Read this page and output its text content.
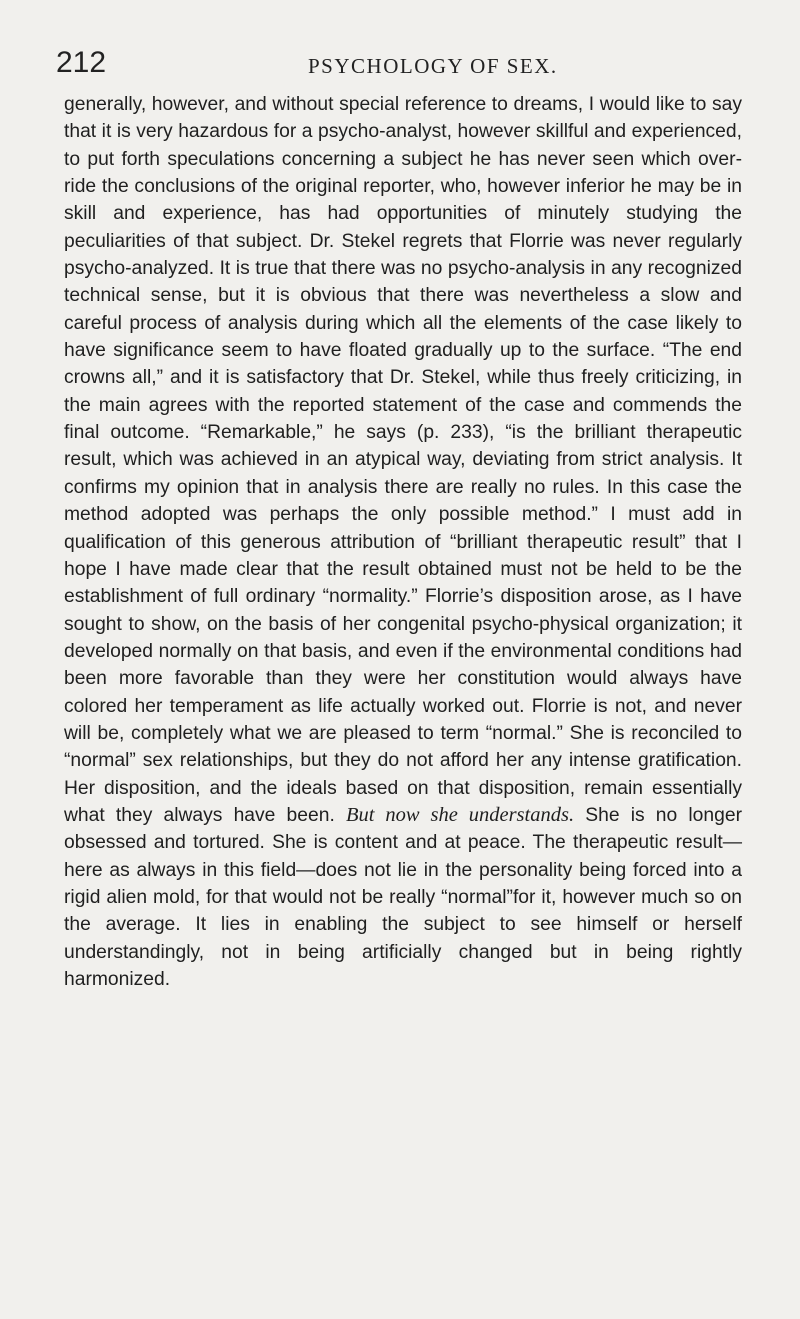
212	PSYCHOLOGY OF SEX.

generally, however, and without special reference to dreams, I would like to say that it is very hazardous for a psycho-analyst, however skillful and experienced, to put forth speculations concerning a subject he has never seen which over-ride the conclusions of the original reporter, who, however inferior he may be in skill and experience, has had opportunities of minutely studying the peculiarities of that subject. Dr. Stekel regrets that Florrie was never regularly psycho-analyzed. It is true that there was no psycho-analysis in any recognized technical sense, but it is obvious that there was nevertheless a slow and careful process of analysis during which all the elements of the case likely to have significance seem to have floated gradually up to the surface. “The end crowns all,” and it is satisfactory that Dr. Stekel, while thus freely criticizing, in the main agrees with the reported statement of the case and commends the final outcome. “Remarkable,” he says (p. 233), “is the brilliant therapeutic result, which was achieved in an atypical way, deviating from strict analysis. It confirms my opinion that in analysis there are really no rules. In this case the method adopted was perhaps the only possible method.” I must add in qualification of this generous attribution of “brilliant therapeutic result” that I hope I have made clear that the result obtained must not be held to be the establishment of full ordinary “normality.” Florrie’s disposition arose, as I have sought to show, on the basis of her congenital psycho-physical organization; it developed normally on that basis, and even if the environmental conditions had been more favorable than they were her constitution would always have colored her temperament as life actually worked out. Florrie is not, and never will be, completely what we are pleased to term “normal.” She is reconciled to “normal” sex relationships, but they do not afford her any intense gratification. Her disposition, and the ideals based on that disposition, remain essentially what they always have been. But now she understands. She is no longer obsessed and tortured. She is content and at peace. The therapeutic result—here as always in this field—does not lie in the personality being forced into a rigid alien mold, for that would not be really “normal”for it, however much so on the average. It lies in enabling the subject to see himself or herself understandingly, not in being artificially changed but in being rightly harmonized.
